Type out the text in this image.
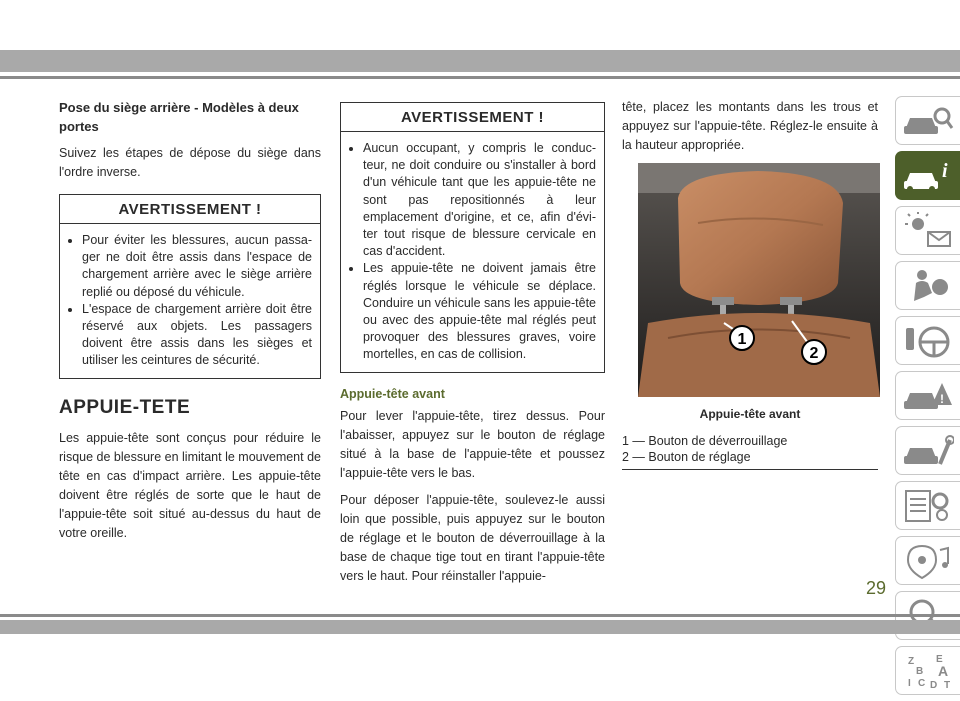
Pose du siège arrière - Modèles à deux portes
Suivez les étapes de dépose du siège dans l'ordre inverse.
AVERTISSEMENT !
• Pour éviter les blessures, aucun passa-ger ne doit être assis dans l'espace de chargement arrière avec le siège arrière replié ou déposé du véhicule.
• L'espace de chargement arrière doit être réservé aux objets. Les passagers doivent être assis dans les sièges et utiliser les ceintures de sécurité.
APPUIE-TETE
Les appuie-tête sont conçus pour réduire le risque de blessure en limitant le mouvement de tête en cas d'impact arrière. Les appuie-tête doivent être réglés de sorte que le haut de l'appuie-tête soit situé au-dessus du haut de votre oreille.
AVERTISSEMENT !
• Aucun occupant, y compris le conduc-teur, ne doit conduire ou s'installer à bord d'un véhicule tant que les appuie-tête ne sont pas repositionnés à leur emplacement d'origine, et ce, afin d'évi-ter tout risque de blessure cervicale en cas d'accident.
• Les appuie-tête ne doivent jamais être réglés lorsque le véhicule se déplace. Conduire un véhicule sans les appuie-tête ou avec des appuie-tête mal réglés peut provoquer des blessures graves, voire mortelles, en cas de collision.
Appuie-tête avant
Pour lever l'appuie-tête, tirez dessus. Pour l'abaisser, appuyez sur le bouton de réglage situé à la base de l'appuie-tête et poussez l'appuie-tête vers le bas.
Pour déposer l'appuie-tête, soulevez-le aussi loin que possible, puis appuyez sur le bouton de réglage et le bouton de déverrouillage à la base de chaque tige tout en tirant l'appuie-tête vers le haut. Pour réinstaller l'appuie-
tête, placez les montants dans les trous et appuyez sur l'appuie-tête. Réglez-le ensuite à la hauteur appropriée.
1
2
Appuie-tête avant
1 — Bouton de déverrouillage
2 — Bouton de réglage
i
!
Z E
B A
I C D T
29
